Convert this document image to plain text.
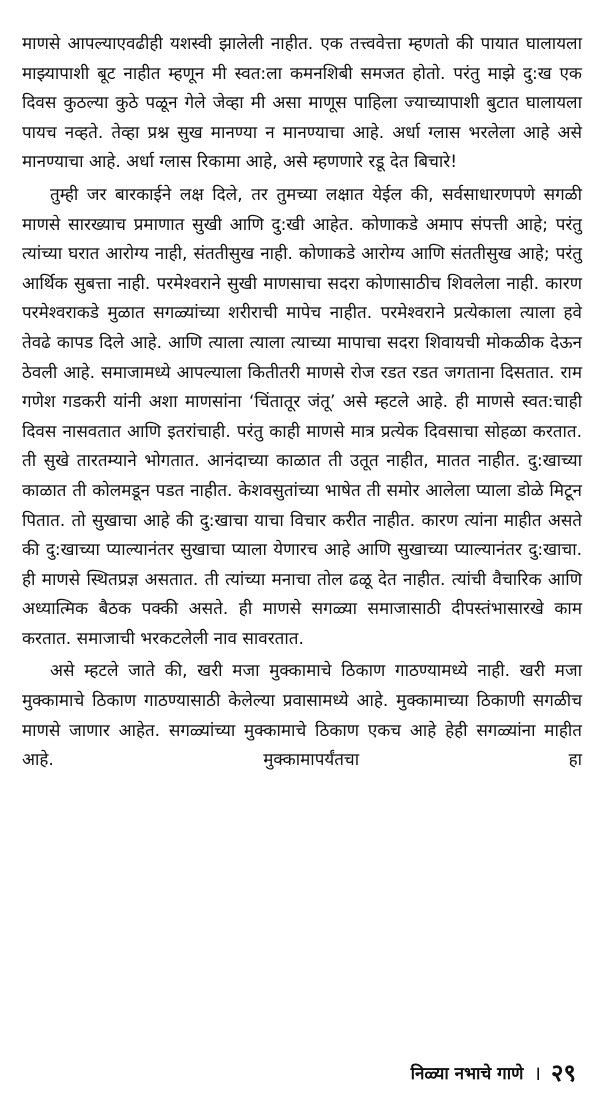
माणसे आपल्याएवढीही यशस्वी झालेली नाहीत. एक तत्त्ववेत्ता म्हणतो की पायात घालायला माझ्यापाशी बूट नाहीत म्हणून मी स्वत:ला कमनशिबी समजत होतो. परंतु माझे दु:ख एक दिवस कुठल्या कुठे पळून गेले जेव्हा मी असा माणूस पाहिला ज्याच्यापाशी बुटात घालायला पायच नव्हते. तेव्हा प्रश्न सुख मानण्या न मानण्याचा आहे. अर्धा ग्लास भरलेला आहे असे मानण्याचा आहे. अर्धा ग्लास रिकामा आहे, असे म्हणणारे रडू देत बिचारे!

तुम्ही जर बारकाईने लक्ष दिले, तर तुमच्या लक्षात येईल की, सर्वसाधारणपणे सगळी माणसे सारख्याच प्रमाणात सुखी आणि दु:खी आहेत. कोणाकडे अमाप संपत्ती आहे; परंतु त्यांच्या घरात आरोग्य नाही, संततीसुख नाही. कोणाकडे आरोग्य आणि संततीसुख आहे; परंतु आर्थिक सुबत्ता नाही. परमेश्वराने सुखी माणसाचा सदरा कोणासाठीच शिवलेला नाही. कारण परमेश्वराकडे मुळात सगळ्यांच्या शरीराची मापेच नाहीत. परमेश्वराने प्रत्येकाला त्याला हवे तेवढे कापड दिले आहे. आणि त्याला त्याला त्याच्या मापाचा सदरा शिवायची मोकळीक देऊन ठेवली आहे. समाजामध्ये आपल्याला कितीतरी माणसे रोज रडत रडत जगताना दिसतात. राम गणेश गडकरी यांनी अशा माणसांना ‘चिंतातूर जंतू’ असे म्हटले आहे. ही माणसे स्वत:चाही दिवस नासवतात आणि इतरांचाही. परंतु काही माणसे मात्र प्रत्येक दिवसाचा सोहळा करतात. ती सुखे तारतम्याने भोगतात. आनंदाच्या काळात ती उतूत नाहीत, मातत नाहीत. दु:खाच्या काळात ती कोलमडून पडत नाहीत. केशवसुतांच्या भाषेत ती समोर आलेला प्याला डोळे मिटून पितात. तो सुखाचा आहे की दु:खाचा याचा विचार करीत नाहीत. कारण त्यांना माहीत असते की दु:खाच्या प्याल्यानंतर सुखाचा प्याला येणारच आहे आणि सुखाच्या प्याल्यानंतर दु:खाचा. ही माणसे स्थितप्रज्ञ असतात. ती त्यांच्या मनाचा तोल ढळू देत नाहीत. त्यांची वैचारिक आणि अध्यात्मिक बैठक पक्की असते. ही माणसे सगळ्या समाजासाठी दीपस्तंभासारखे काम करतात. समाजाची भरकटलेली नाव सावरतात.

असे म्हटले जाते की, खरी मजा मुक्कामाचे ठिकाण गाठण्यामध्ये नाही. खरी मजा मुक्कामाचे ठिकाण गाठण्यासाठी केलेल्या प्रवासामध्ये आहे. मुक्कामाच्या ठिकाणी सगळीच माणसे जाणार आहेत. सगळ्यांच्या मुक्कामाचे ठिकाण एकच आहे हेही सगळ्यांना माहीत आहे. मुक्कामापर्यंतचा हा

निळ्या नभाचे गाणे । २९
